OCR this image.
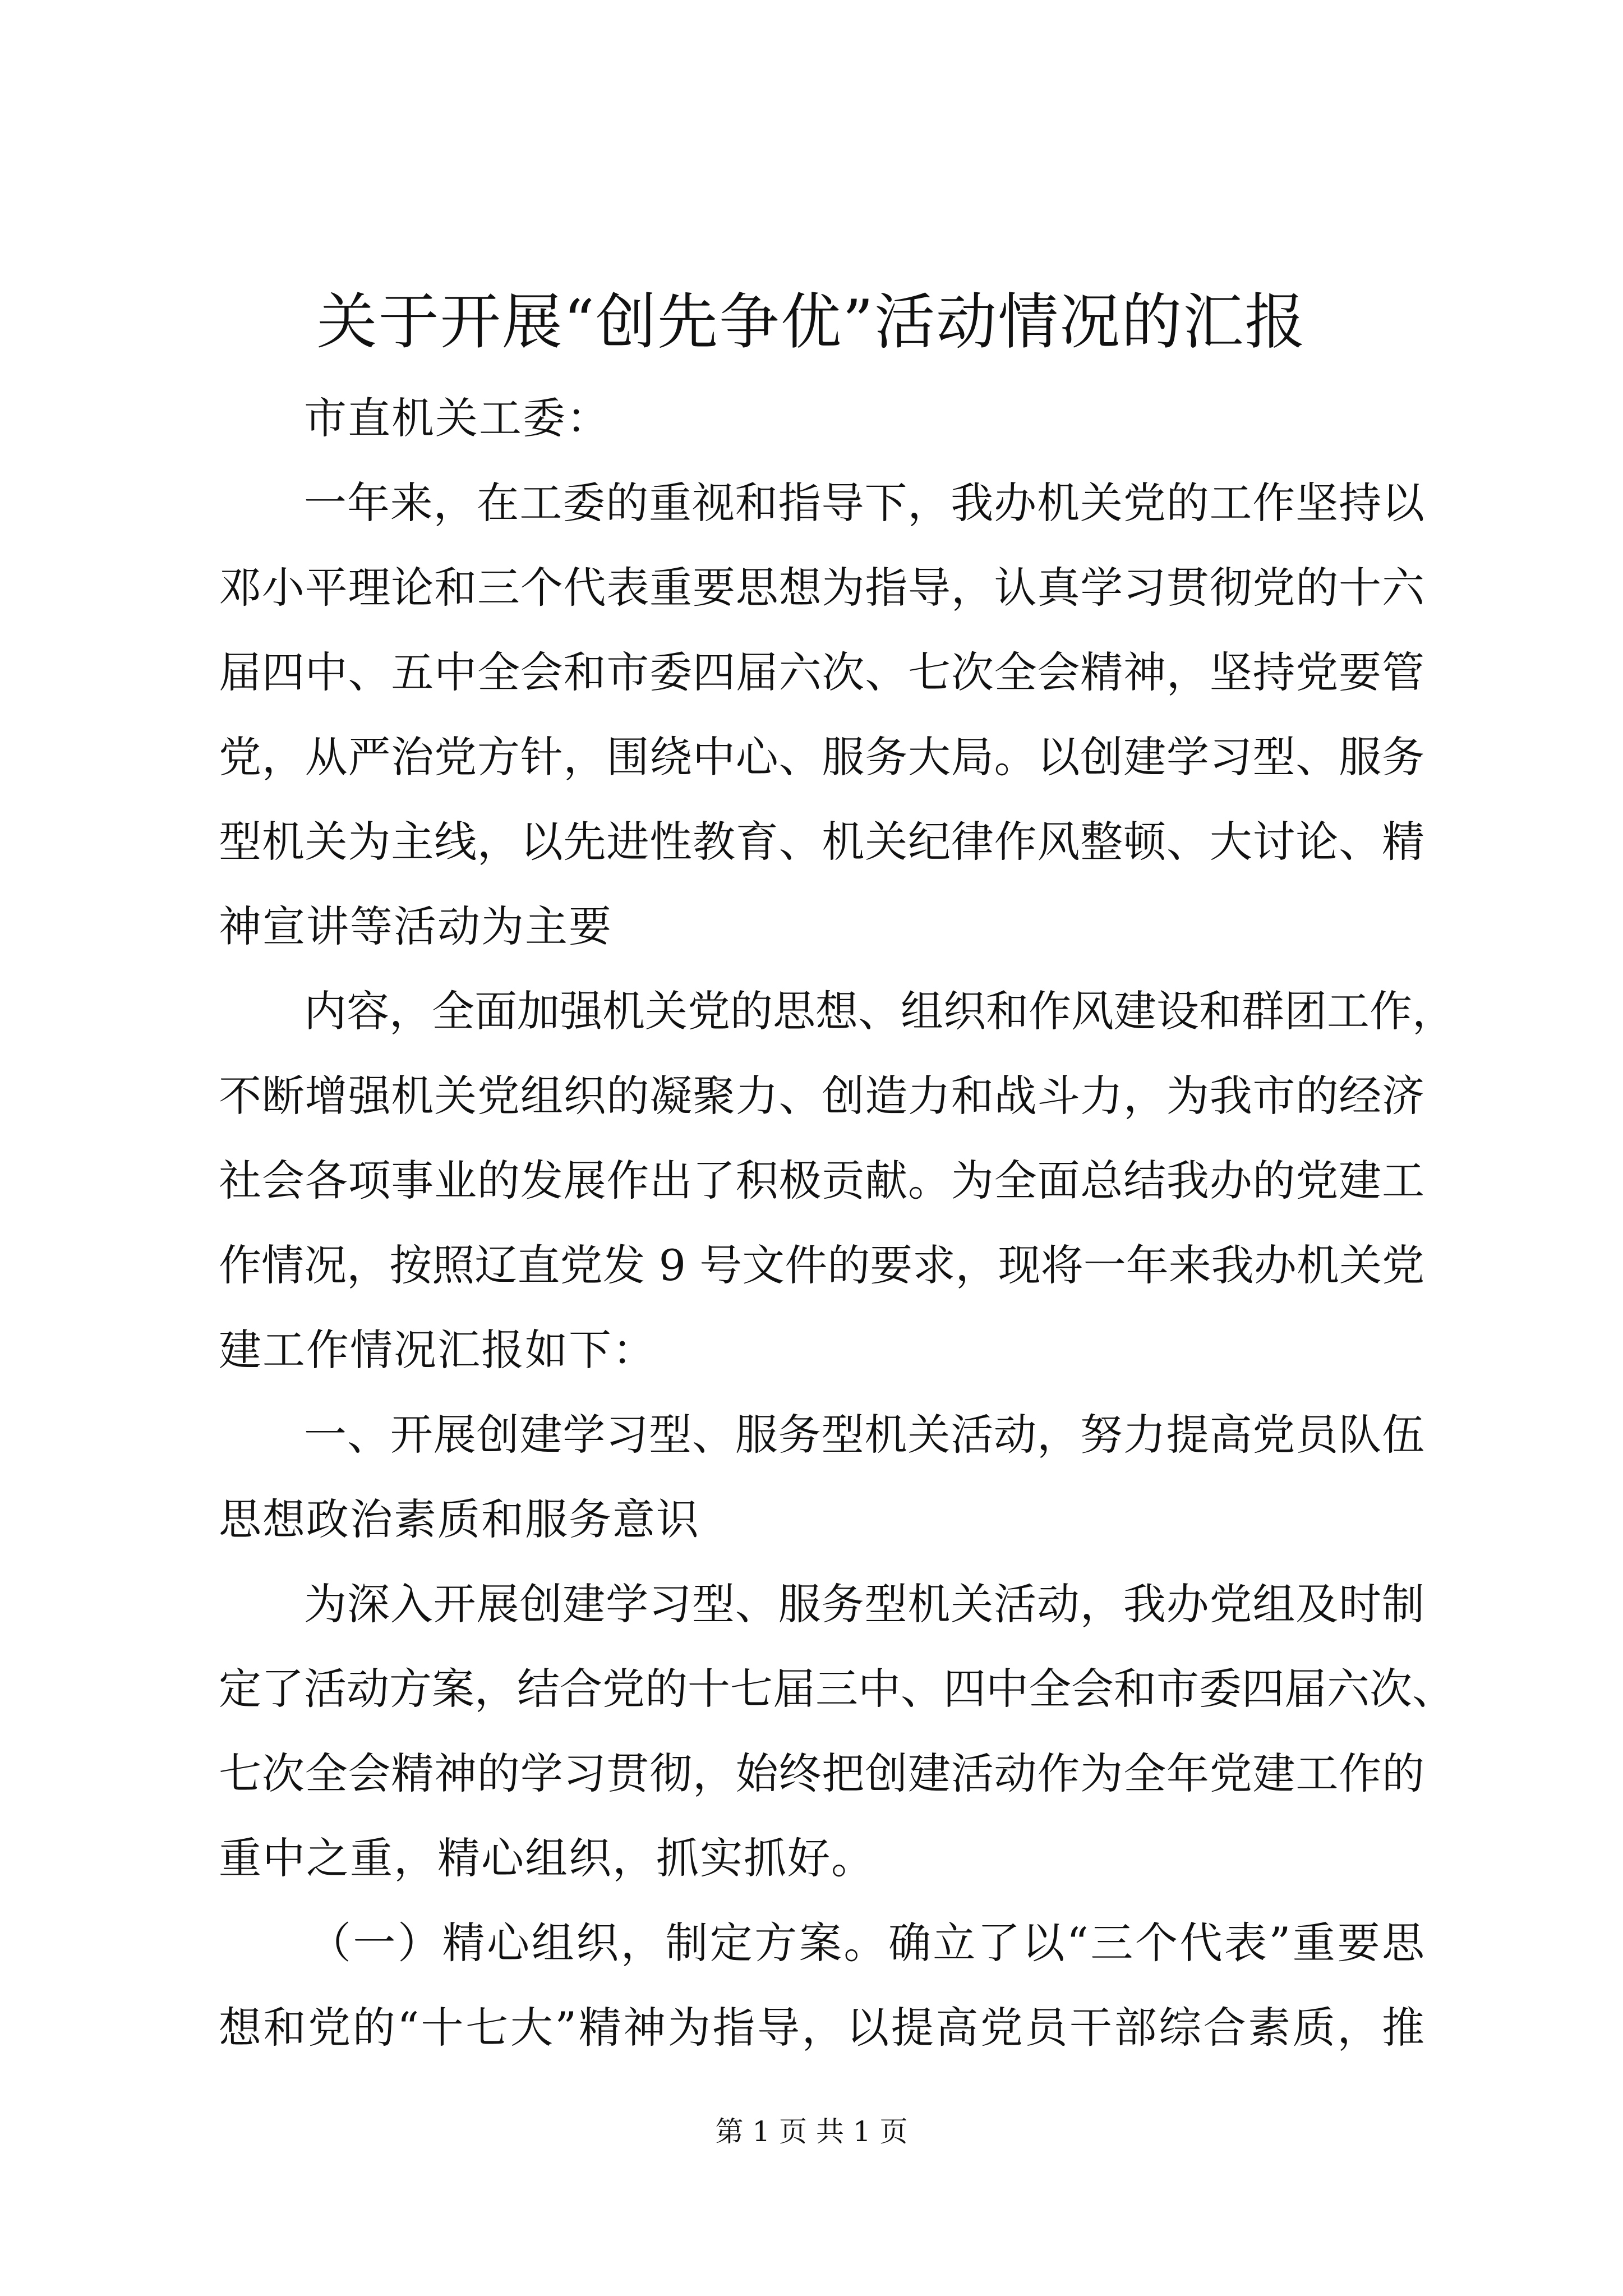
关于开展“创先争优”活动情况的汇报
市直机关工委：
一年来，在工委的重视和指导下，我办机关党的工作坚持以
邓小平理论和三个代表重要思想为指导，认真学习贯彻党的十六
届四中、五中全会和市委四届六次、七次全会精神，坚持党要管
党，从严治党方针，围绕中心、服务大局。以创建学习型、服务
型机关为主线，以先进性教育、机关纪律作风整顿、大讨论、精
神宣讲等活动为主要
内容，全面加强机关党的思想、组织和作风建设和群团工作，
不断增强机关党组织的凝聚力、创造力和战斗力，为我市的经济
社会各项事业的发展作出了积极贡献。为全面总结我办的党建工
作情况，按照辽直党发 9 号文件的要求，现将一年来我办机关党
建工作情况汇报如下：
一、开展创建学习型、服务型机关活动，努力提高党员队伍
思想政治素质和服务意识
为深入开展创建学习型、服务型机关活动，我办党组及时制
定了活动方案，结合党的十七届三中、四中全会和市委四届六次、
七次全会精神的学习贯彻，始终把创建活动作为全年党建工作的
重中之重，精心组织，抓实抓好。
（一）精心组织，制定方案。确立了以“三个代表”重要思
想和党的“十七大”精神为指导，以提高党员干部综合素质，推
第 1 页 共 1 页
